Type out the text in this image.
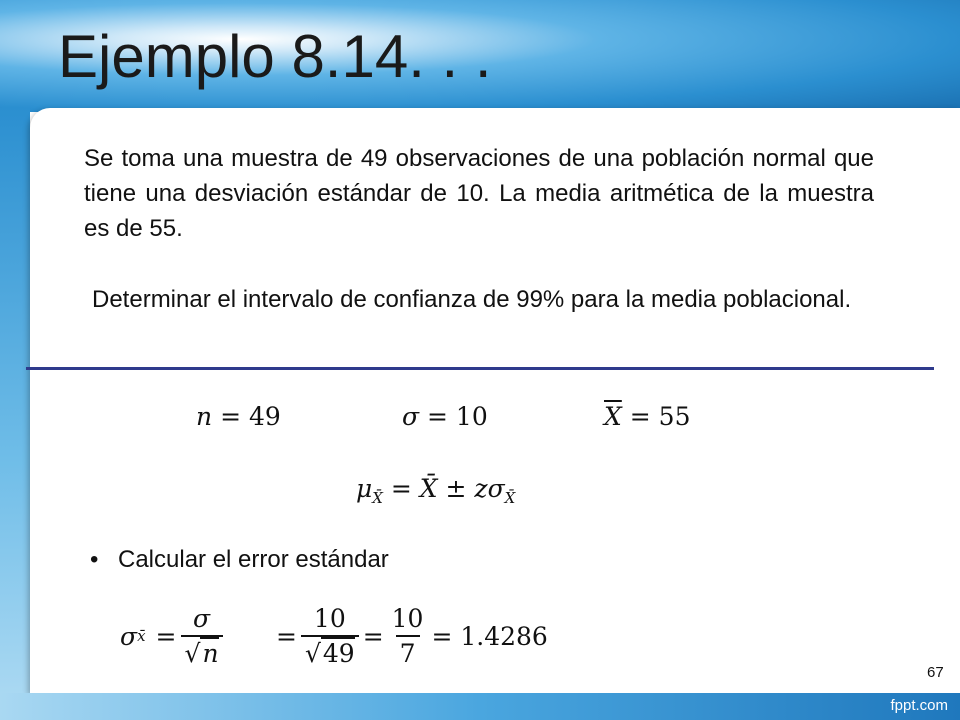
Ejemplo 8.14. . .
Se toma una muestra de 49 observaciones de una población normal que tiene una desviación estándar de 10. La media aritmética de la muestra es de 55.
Determinar el intervalo de confianza de 99% para la media poblacional.
n = 49	σ = 10	$\overline{X} = 55$
$\mu_{X̄}$ = X̄ ± $z\sigma_{X̄}$
• Calcular el error estándar
σ x̄ = $\frac{\sigma}{√n} = \frac{10}{√49} = \frac{10}{7} = 1.4286$
67
fppt.com
